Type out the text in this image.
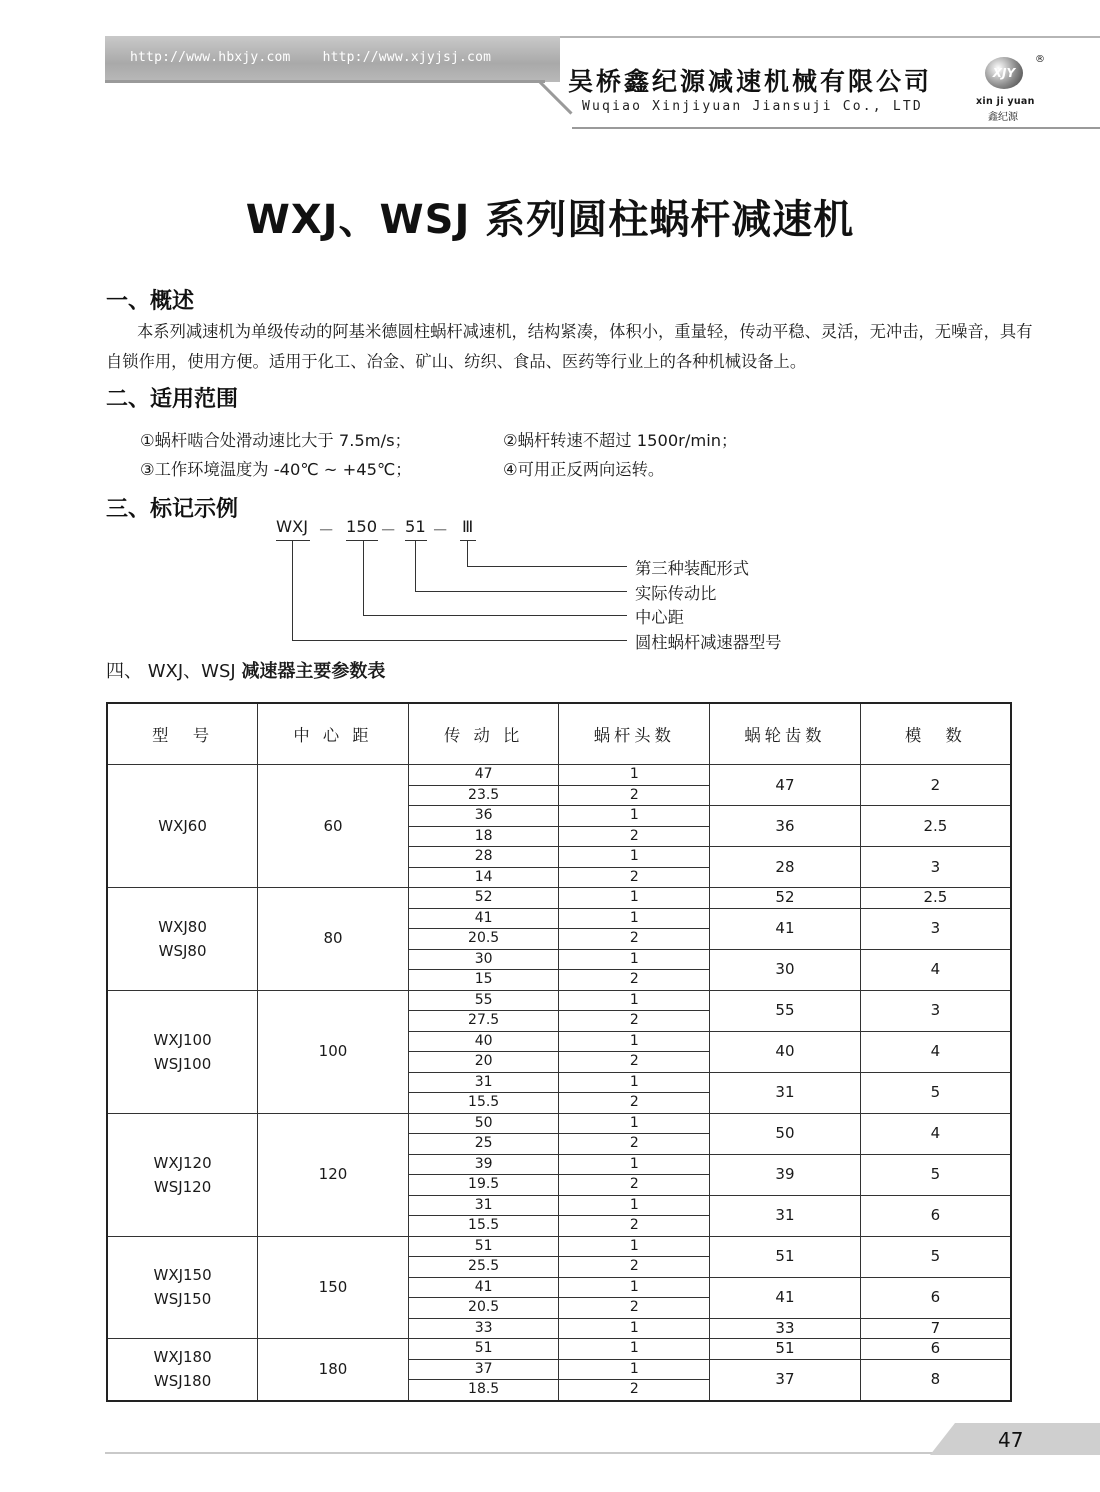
http://www.hbxjy.com http://www.xjyjsj.com
吴桥鑫纪源减速机械有限公司
Wuqiao Xinjiyuan Jiansuji Co., LTD
XJY
®
xin ji yuan
鑫纪源
WXJ、WSJ 系列圆柱蜗杆减速机
一、概述
本系列减速机为单级传动的阿基米德圆柱蜗杆减速机，结构紧凑，体积小，重量轻，传动平稳、灵活，无冲击，无噪音，具有自锁作用，使用方便。适用于化工、冶金、矿山、纺织、食品、医药等行业上的各种机械设备上。
二、适用范围
①蜗杆啮合处滑动速比大于 7.5m/s；	②蜗杆转速不超过 1500r/min；
③工作环境温度为 -40℃ ~ +45℃；	④可用正反两向运转。
三、标记示例
WXJ － 150 － 51 － Ⅲ
第三种装配形式
实际传动比
中心距
圆柱蜗杆减速器型号
四、 WXJ、WSJ 减速器主要参数表
型　号	中 心 距	传 动 比	蜗杆头数	蜗轮齿数	模　数

WXJ60	60	47	1	47	2
		23.5	2		
		36	1	36	2.5
		18	2		
		28	1	28	3
		14	2		

WXJ80
WSJ80	80	52	1	52	2.5
		41	1	41	3
		20.5	2		
		30	1	30	4
		15	2		

WXJ100
WSJ100	100	55	1	55	3
		27.5	2		
		40	1	40	4
		20	2		
		31	1	31	5
		15.5	2		

WXJ120
WSJ120	120	50	1	50	4
		25	2		
		39	1	39	5
		19.5	2		
		31	1	31	6
		15.5	2		

WXJ150
WSJ150	150	51	1	51	5
		25.5	2		
		41	1	41	6
		20.5	2		
		33	1	33	7

WXJ180
WSJ180	180	51	1	51	6
		37	1	37	8
		18.5	2		
47
